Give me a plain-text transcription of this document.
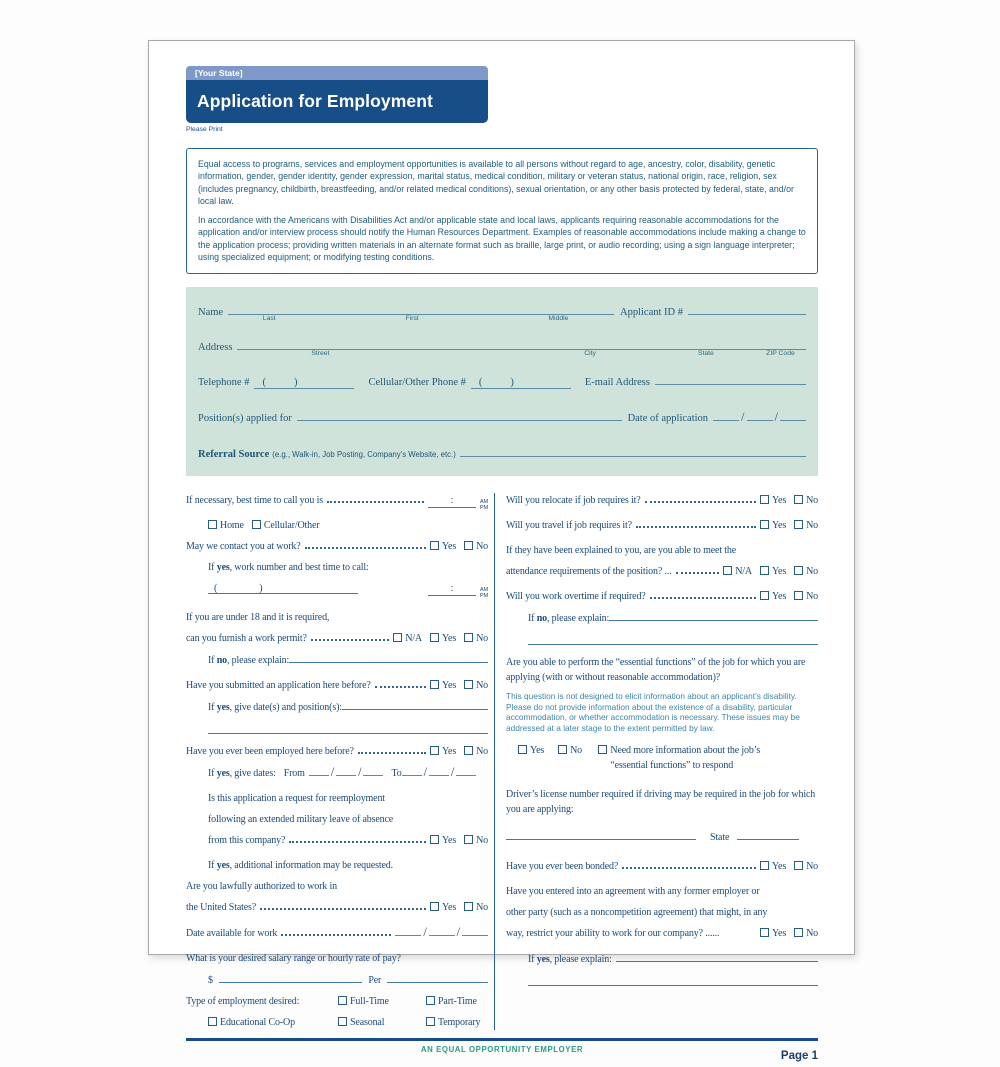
[Your State]
Application for Employment
Please Print

Equal access to programs, services and employment opportunities is available to all persons without regard to age, ancestry, color, disability, genetic information, gender, gender identity, gender expression, marital status, medical condition, military or veteran status, national origin, race, religion, sex (includes pregnancy, childbirth, breastfeeding, and/or related medical conditions), sexual orientation, or any other basis protected by federal, state, and/or local law.

In accordance with the Americans with Disabilities Act and/or applicable state and local laws, applicants requiring reasonable accommodations for the application and/or interview process should notify the Human Resources Department. Examples of reasonable accommodations include making a change to the application process; providing written materials in an alternate format such as braille, large print, or audio recording; using a sign language interpreter; using specialized equipment; or modifying testing conditions.

Name
Last	First	Middle
Applicant ID #
Address
Street	City	State	ZIP Code
Telephone # (	)	Cellular/Other Phone # (	)	E-mail Address
Position(s) applied for	Date of application	/ /
Referral Source (e.g., Walk-in, Job Posting, Company’s Website, etc.)
If necessary, best time to call you is	:	AM
PM
Home Cellular/Other
May we contact you at work?	Yes No
If yes, work number and best time to call:
(	)	:	AM
PM
If you are under 18 and it is required,
can you furnish a work permit?	N/A Yes No
If no, please explain:
Have you submitted an application here before?	Yes No
If yes, give date(s) and position(s):
Have you ever been employed here before?	Yes No
If yes, give dates: From / /	To / /
Is this application a request for reemployment
following an extended military leave of absence
from this company?	Yes No
If yes, additional information may be requested.
Are you lawfully authorized to work in
the United States?	Yes No
Date available for work	/ /
What is your desired salary range or hourly rate of pay?
$	Per
Type of employment desired:	Full-Time	Part-Time
Educational Co-Op	Seasonal	Temporary
Will you relocate if job requires it?	Yes No
Will you travel if job requires it?	Yes No
If they have been explained to you, are you able to meet the
attendance requirements of the position? ...	N/A Yes No
Will you work overtime if required?	Yes No
If no, please explain:
Are you able to perform the “essential functions” of the job for which you are applying (with or without reasonable accommodation)?
This question is not designed to elicit information about an applicant’s disability. Please do not provide information about the existence of a disability, particular accommodation, or whether accommodation is necessary. These issues may be addressed at a later stage to the extent permitted by law.
Yes	No
	Need more information about the job’s “essential functions” to respond
Driver’s license number required if driving may be required in the job for which you are applying:
State
Have you ever been bonded?	Yes No
Have you entered into an agreement with any former employer or
other party (such as a noncompetition agreement) that might, in any
way, restrict your ability to work for our company? ......	Yes No
If yes, please explain:
AN EQUAL OPPORTUNITY EMPLOYER
Page 1
